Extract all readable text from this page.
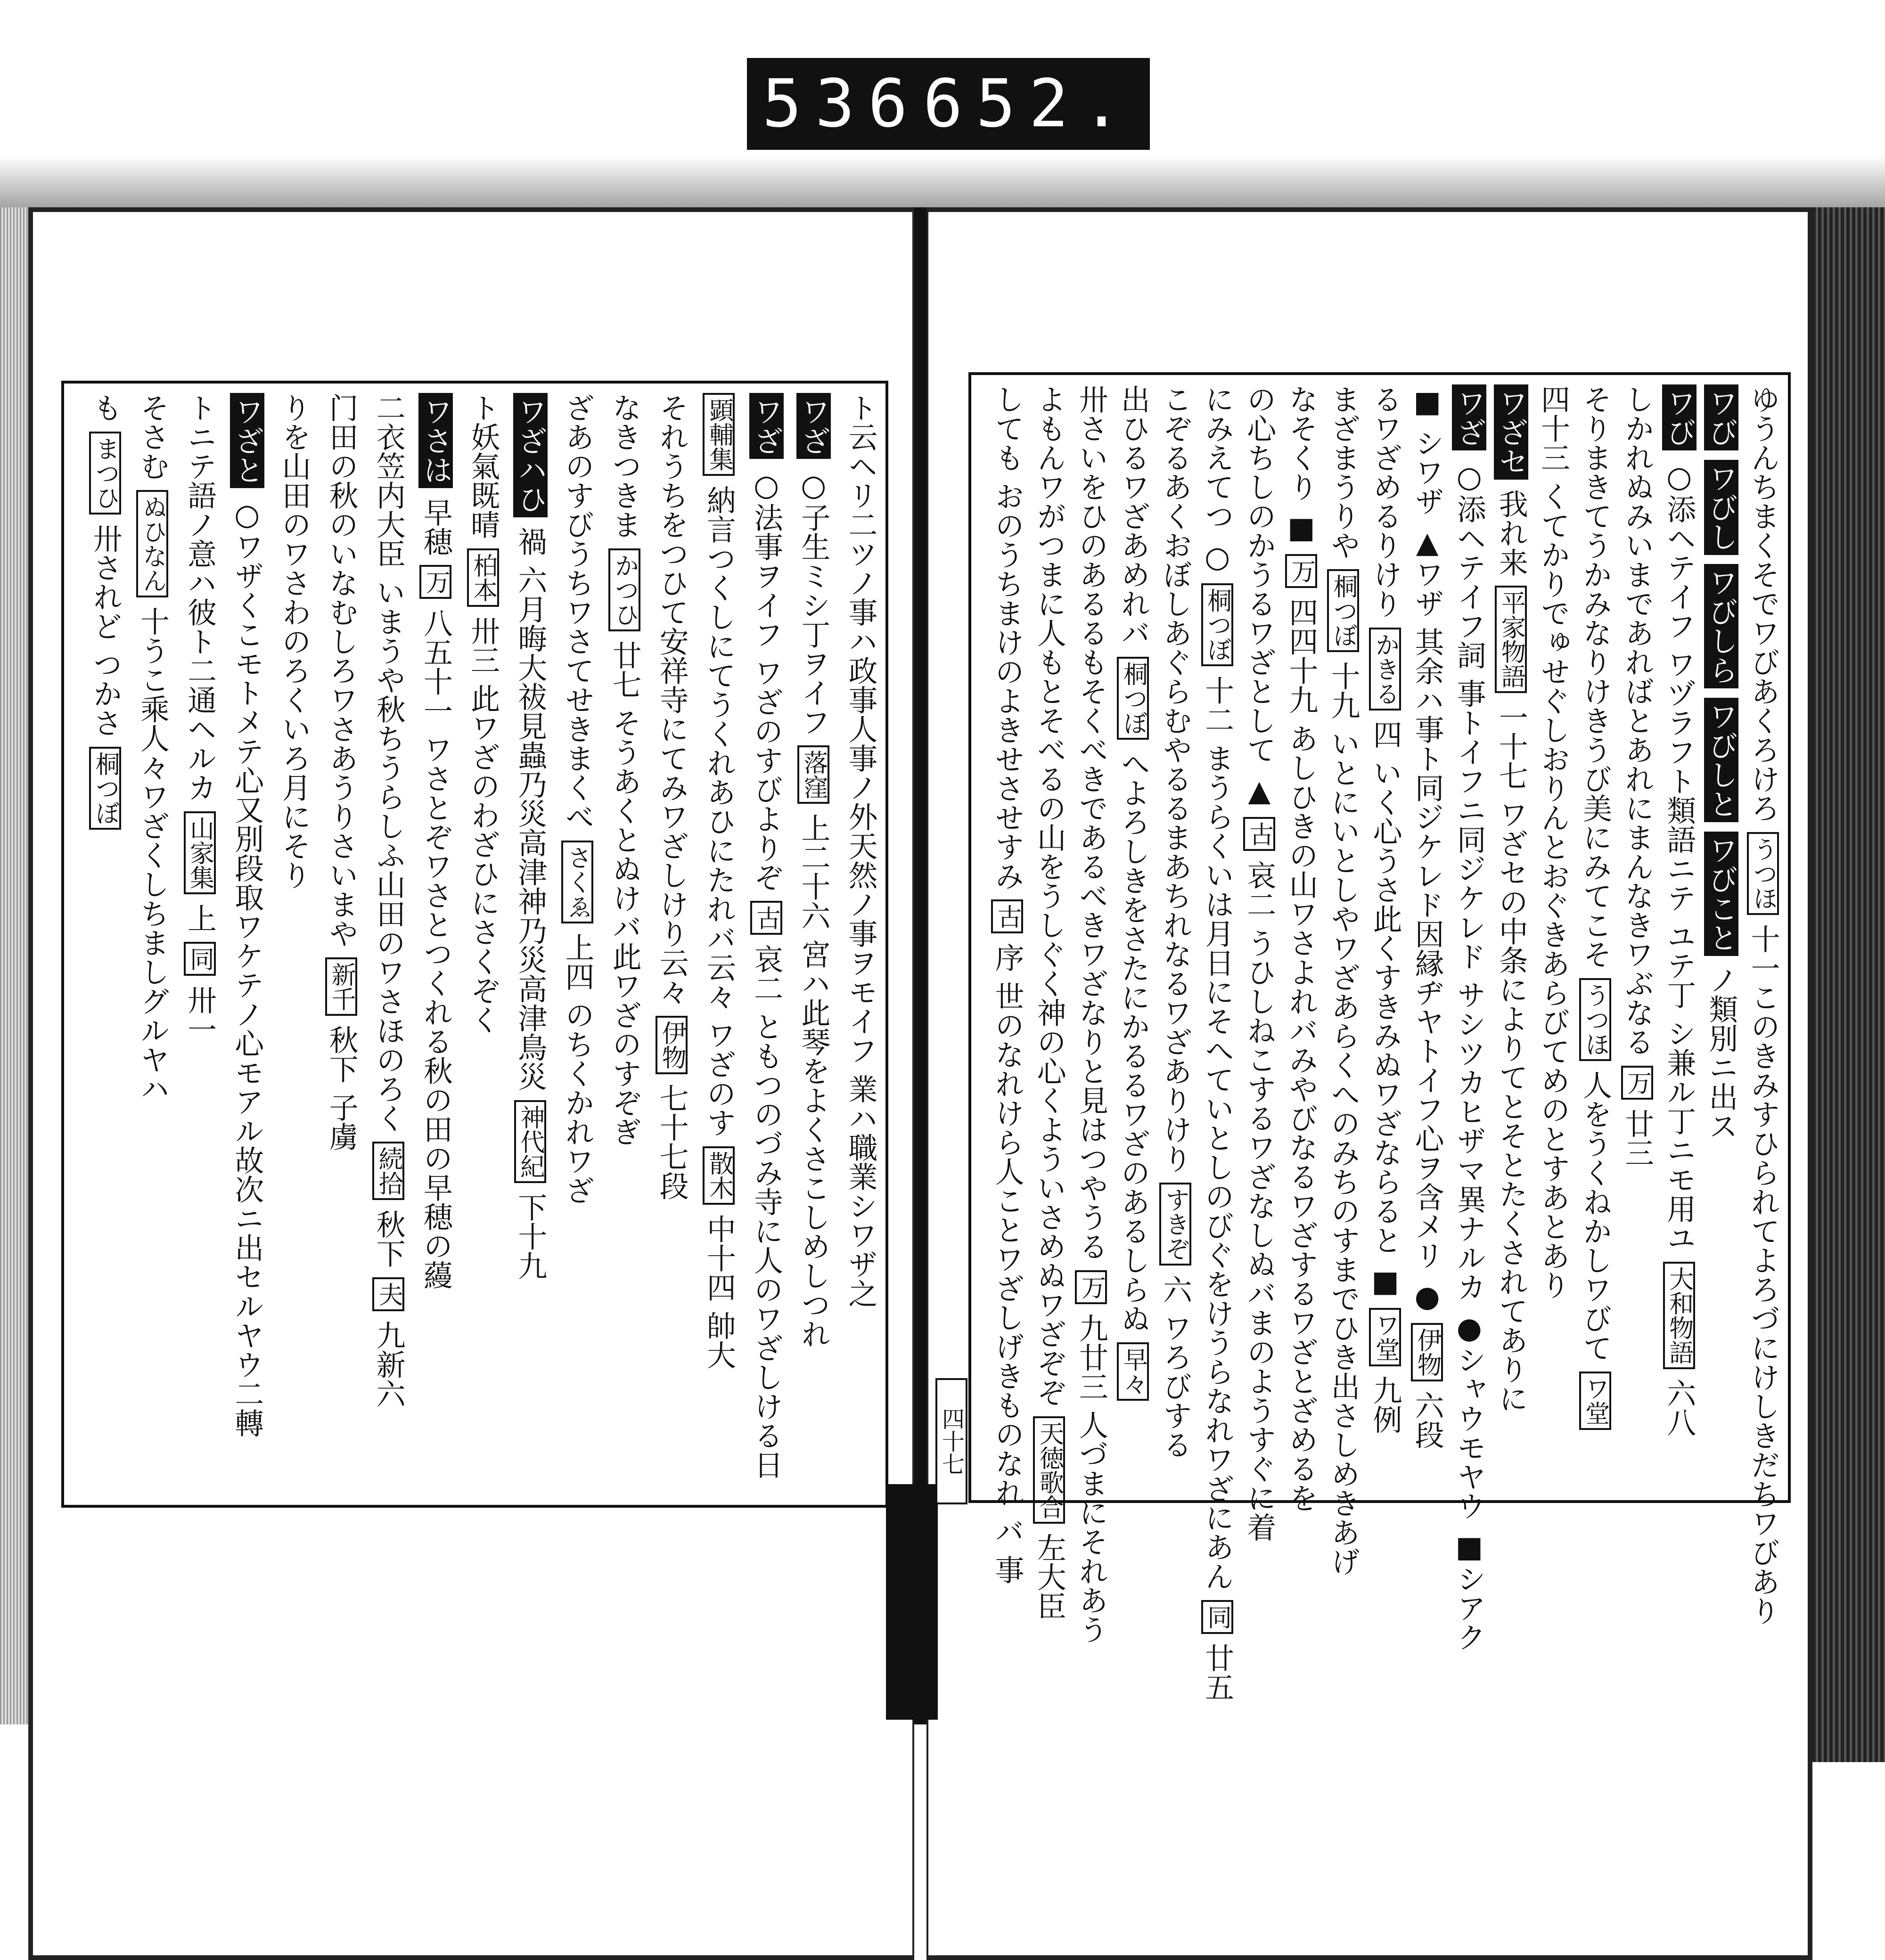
536 652.
ト云ヘリ二ツノ事ハ政事人事ノ外天然ノ事ヲモイフ 業ハ職業シワザ之
ワざ ○子生ミシ丁ヲイフ 落窪 上二十六 宮ハ此琴をよくさこしめしつれ
ワざ ○法事ヲイフ ワざのすびよりぞ 古 哀二 ともつのづみ寺に人のワざしける日
顕輔集 納言つくしにてうくれあひにたれバ云々 ワざのす 散木 中十四 帥大
それうちをつひて安祥寺にてみワざしけり云々 伊物 七十七段
なきつきま かつひ 廿七 そうあくとぬけバ此ワざのすぞぎ
ざあのすびうちワさてせきまくべ さくゑ 上四 のちくかれワざ
ワざハひ 禍 六月晦大祓見蟲乃災高津神乃災高津鳥災 神代紀 下十九
ト妖氣既晴 柏本 卅三 此ワざのわざひにさくぞく
ワさは 早穂 万 八五十一 ワさとぞワさとつくれる秋の田の早穂の蘰
二衣笠内大臣 いまうや秋ちうらしふ山田のワさほのろく 続拾 秋下 夫 九新六
门田の秋のいなむしろワさあうりさいまや 新千 秋下 子虜
りを山田のワさわのろくいろ月にそり
ワざと ○ワザくこモトメテ心又別段取ワケテノ心モアル故次ニ出セルヤウ二轉
トニテ語ノ意ハ彼ト二通ヘルカ 山家集 上 同 卅一
そさむ ぬひなん 十うこ乘人々ワざくしちましグルヤハ
も まつひ 卅されど つかさ 桐つぼ	ゆうんちまくそでワびあくろけろ うつほ 十一このきみすひられてよろづにけしきだちワびあり
ワび ワびし ワびしら ワびしと ワびこと ノ類別ニ出ス
ワび ○添ヘテイフ ワヅラフト類語ニテ ユテ丁 シ兼ル丁ニモ用ユ 大和物語 六八
しかれぬみいまであればとあれにまんなきワぶなる 万 廿三
そりまきてうかみなりけきうび美にみてこそ うつほ 人をうくねかしワびて ワ堂
四十三 くてかりでゅせぐしおりんとおぐきあらびてめのとすあとあり
ワざセ 我れ来 平家物語 一十七 ワざセの中条によりてとそとたくされてありに
ワざ ○添ヘテイフ詞 事トイフニ同ジケレド サシツカヒザマ異ナルカ ●シャウモヤウ ■シアク
■ シワザ ▲ワザ 其余ハ事ト同ジケレド因縁ヂヤトイフ心ヲ含メリ ● 伊物 六段
るワざめるりけり かきる 四 いく心うさ此くすきみぬワざならると ■ ワ堂 九例
まざまうりや 桐つぼ 十九 いとにいとしやワざあらくへのみちのすまでひき出さしめきあげ
なそくり ■ 万 四四十九 あしひきの山ワさよれバみやびなるワざするワざとざめるを
の心ちしのかうるワざとして ▲ 古 哀二 うひしねこするワざなしぬバまのようすぐに着
にみえてつ ○ 桐つぼ 十二 まうらくいは月日にそへていとしのびぐをけうらなれワざにあん 同 廿五
こぞるあくおぼしあぐらむやるるまあちれなるワざありけり すきぞ 六 ワろびする
出ひるワざあめれバ 桐つぼ へよろしきをさたにかるるワざのあるしらぬ 早々
卅さいをひのあるるもそくべきであるべきワざなりと見はつやうる 万 九廿三 人づまにそれあう
よもんワがつまに人もとそべるの山をうしぐく神の心くよういさめぬワざぞぞ 天徳歌合 左大臣
しても おのうちまけのよきせさせすみ 古 序 世のなれけら人ことワざしげきものなれ バ 事
四十七
